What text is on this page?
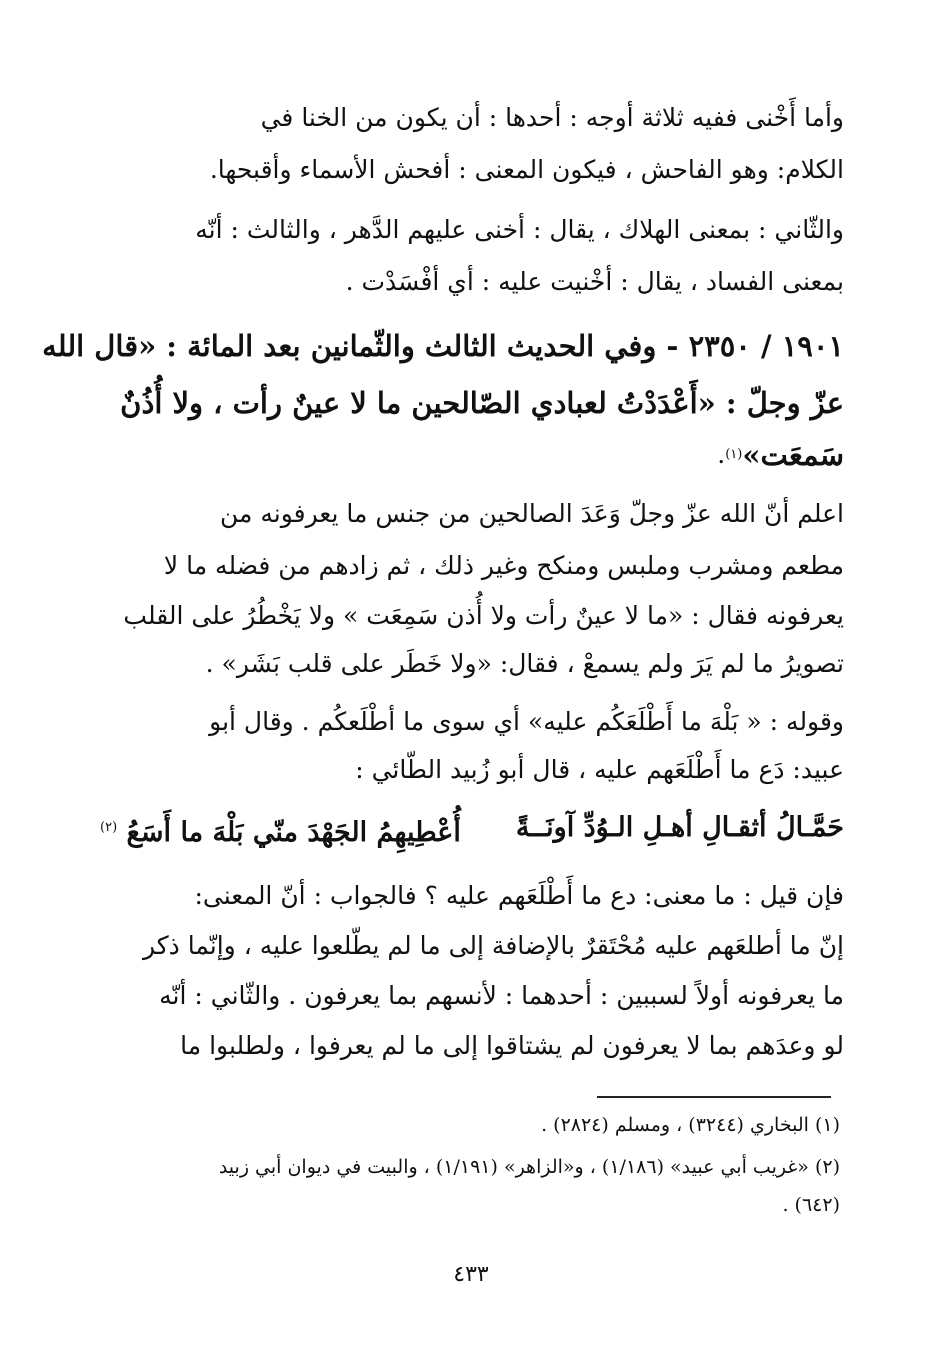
وأما أَخْنى ففيه ثلاثة أوجه : أحدها : أن يكون من الخنا في
الكلام: وهو الفاحش ، فيكون المعنى : أفحش الأسماء وأقبحها.
والثّاني : بمعنى الهلاك ، يقال : أخنى عليهم الدَّهر ، والثالث : أنّه
بمعنى الفساد ، يقال : أخْنيت عليه : أي أفْسَدْت .
١٩٠١ / ٢٣٥٠ - وفي الحديث الثالث والثّمانين بعد المائة : «قال الله
عزّ وجلّ : «أَعْدَدْتُ لعبادي الصّالحين ما لا عينٌ رأت ، ولا أُذُنٌ
سَمعَت»
(١)
.
اعلم أنّ الله عزّ وجلّ وَعَدَ الصالحين من جنس ما يعرفونه من
مطعم ومشرب وملبس ومنكح وغير ذلك ، ثم زادهم من فضله ما لا
يعرفونه فقال : «ما لا عينٌ رأت ولا أُذن سَمِعَت » ولا يَخْطُرُ على القلب
تصويرُ ما لم يَرَ ولم يسمعْ ، فقال: «ولا خَطَر على قلب بَشَر» .
وقوله : « بَلْهَ ما أَطْلَعَكُم عليه» أي سوى ما أطْلَعكُم . وقال أبو
عبيد: دَع ما أَطْلَعَهم عليه ، قال أبو زُبيد الطّائي :
حَمَّـالُ أثقـالِ أهـلِ الـوُدِّ آونَــةً
أُعْطِيهِمُ الجَهْدَ منّي بَلْهَ ما أَسَعُ $^{(٢)}$
فإن قيل : ما معنى: دع ما أَطْلَعَهم عليه ؟ فالجواب : أنّ المعنى:
إنّ ما أطلعَهم عليه مُحْتَقرٌ بالإضافة إلى ما لم يطّلعوا عليه ، وإنّما ذكر
ما يعرفونه أولاً لسببين : أحدهما : لأنسهم بما يعرفون . والثّاني : أنّه
لو وعدَهم بما لا يعرفون لم يشتاقوا إلى ما لم يعرفوا ، ولطلبوا ما
(١) البخاري (٣٢٤٤) ، ومسلم (٢٨٢٤) .
(٢) «غريب أبي عبيد» (١/١٨٦) ، و«الزاهر» (١/١٩١) ، والبيت في ديوان أبي زبيد
(٦٤٢) .
٤٣٣
